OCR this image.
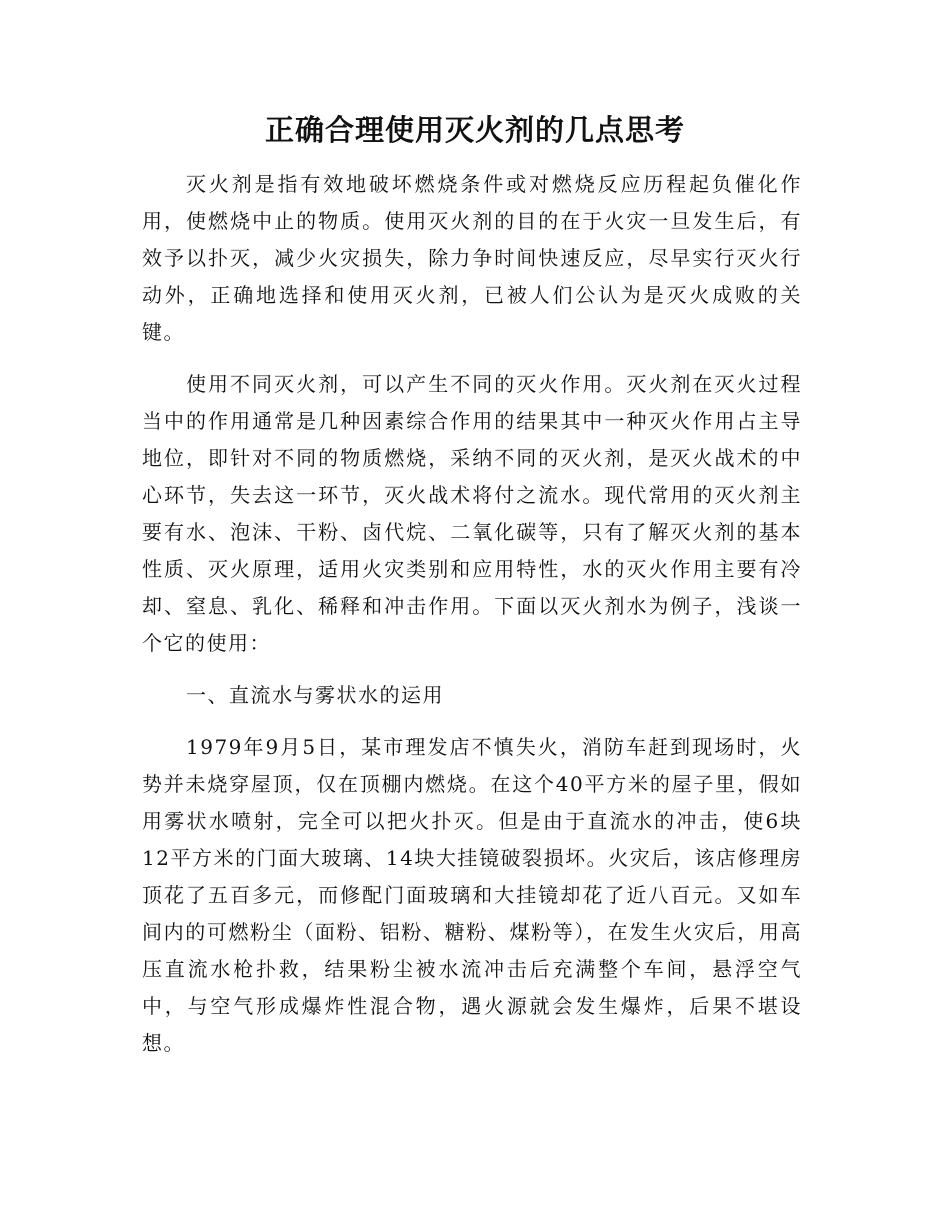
正确合理使用灭火剂的几点思考

灭火剂是指有效地破坏燃烧条件或对燃烧反应历程起负催化作用，使燃烧中止的物质。使用灭火剂的目的在于火灾一旦发生后，有效予以扑灭，减少火灾损失，除力争时间快速反应，尽早实行灭火行动外，正确地选择和使用灭火剂，已被人们公认为是灭火成败的关键。

使用不同灭火剂，可以产生不同的灭火作用。灭火剂在灭火过程当中的作用通常是几种因素综合作用的结果其中一种灭火作用占主导地位，即针对不同的物质燃烧，采纳不同的灭火剂，是灭火战术的中心环节，失去这一环节，灭火战术将付之流水。现代常用的灭火剂主要有水、泡沫、干粉、卤代烷、二氧化碳等，只有了解灭火剂的基本性质、灭火原理，适用火灾类别和应用特性，水的灭火作用主要有冷却、窒息、乳化、稀释和冲击作用。下面以灭火剂水为例子，浅谈一个它的使用：

一、直流水与雾状水的运用

1979年9月5日，某市理发店不慎失火，消防车赶到现场时，火势并未烧穿屋顶，仅在顶棚内燃烧。在这个40平方米的屋子里，假如用雾状水喷射，完全可以把火扑灭。但是由于直流水的冲击，使6块12平方米的门面大玻璃、14块大挂镜破裂损坏。火灾后，该店修理房顶花了五百多元，而修配门面玻璃和大挂镜却花了近八百元。又如车间内的可燃粉尘（面粉、铝粉、糖粉、煤粉等），在发生火灾后，用高压直流水枪扑救，结果粉尘被水流冲击后充满整个车间，悬浮空气中，与空气形成爆炸性混合物，遇火源就会发生爆炸，后果不堪设想。
